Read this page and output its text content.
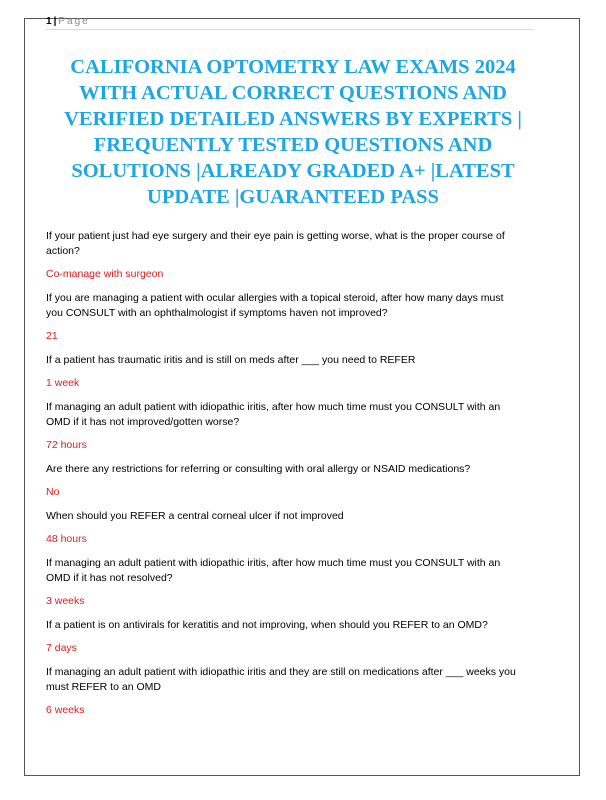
1 | Page
CALIFORNIA OPTOMETRY LAW EXAMS 2024 WITH ACTUAL CORRECT QUESTIONS AND VERIFIED DETAILED ANSWERS BY EXPERTS | FREQUENTLY TESTED QUESTIONS AND SOLUTIONS |ALREADY GRADED A+ |LATEST UPDATE |GUARANTEED PASS

If your patient just had eye surgery and their eye pain is getting worse, what is the proper course of action?

Co-manage with surgeon

If you are managing a patient with ocular allergies with a topical steroid, after how many days must you CONSULT with an ophthalmologist if symptoms haven not improved?

21

If a patient has traumatic iritis and is still on meds after ___ you need to REFER

1 week

If managing an adult patient with idiopathic iritis, after how much time must you CONSULT with an OMD if it has not improved/gotten worse?

72 hours

Are there any restrictions for referring or consulting with oral allergy or NSAID medications?

No

When should you REFER a central corneal ulcer if not improved

48 hours

If managing an adult patient with idiopathic iritis, after how much time must you CONSULT with an OMD if it has not resolved?

3 weeks

If a patient is on antivirals for keratitis and not improving, when should you REFER to an OMD?

7 days

If managing an adult patient with idiopathic iritis and they are still on medications after ___ weeks you must REFER to an OMD

6 weeks
